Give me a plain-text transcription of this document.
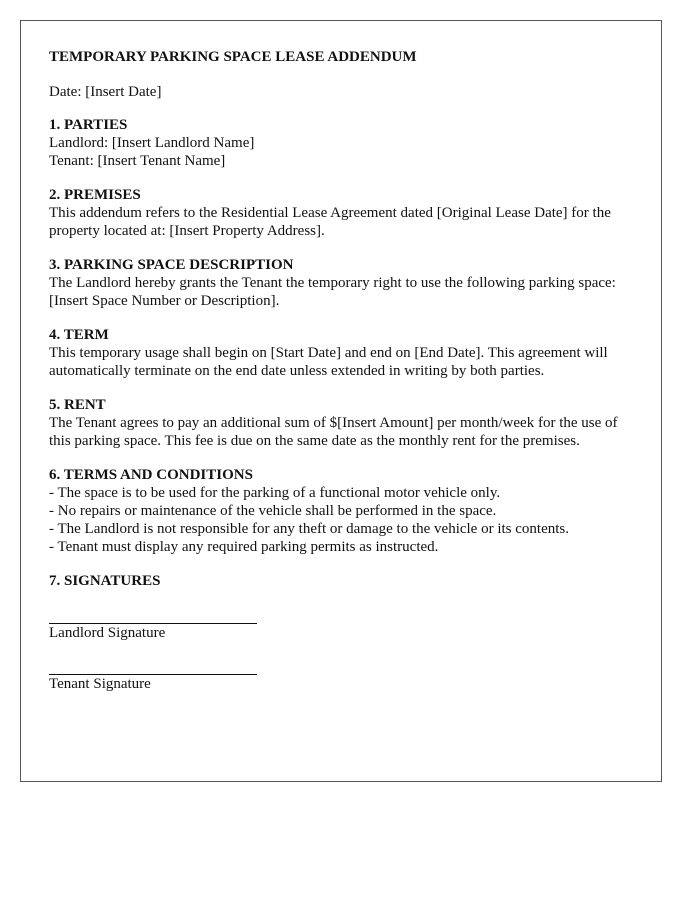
TEMPORARY PARKING SPACE LEASE ADDENDUM
Date: [Insert Date]
1. PARTIES
Landlord: [Insert Landlord Name]
Tenant: [Insert Tenant Name]
2. PREMISES

This addendum refers to the Residential Lease Agreement dated [Original Lease Date] for the property located at: [Insert Property Address].

3. PARKING SPACE DESCRIPTION

The Landlord hereby grants the Tenant the temporary right to use the following parking space: [Insert Space Number or Description].

4. TERM

This temporary usage shall begin on [Start Date] and end on [End Date]. This agreement will automatically terminate on the end date unless extended in writing by both parties.

5. RENT

The Tenant agrees to pay an additional sum of $[Insert Amount] per month/week for the use of this parking space. This fee is due on the same date as the monthly rent for the premises.

6. TERMS AND CONDITIONS
- The space is to be used for the parking of a functional motor vehicle only.
- No repairs or maintenance of the vehicle shall be performed in the space.
- The Landlord is not responsible for any theft or damage to the vehicle or its contents.
- Tenant must display any required parking permits as instructed.
7. SIGNATURES
Landlord Signature
Tenant Signature
